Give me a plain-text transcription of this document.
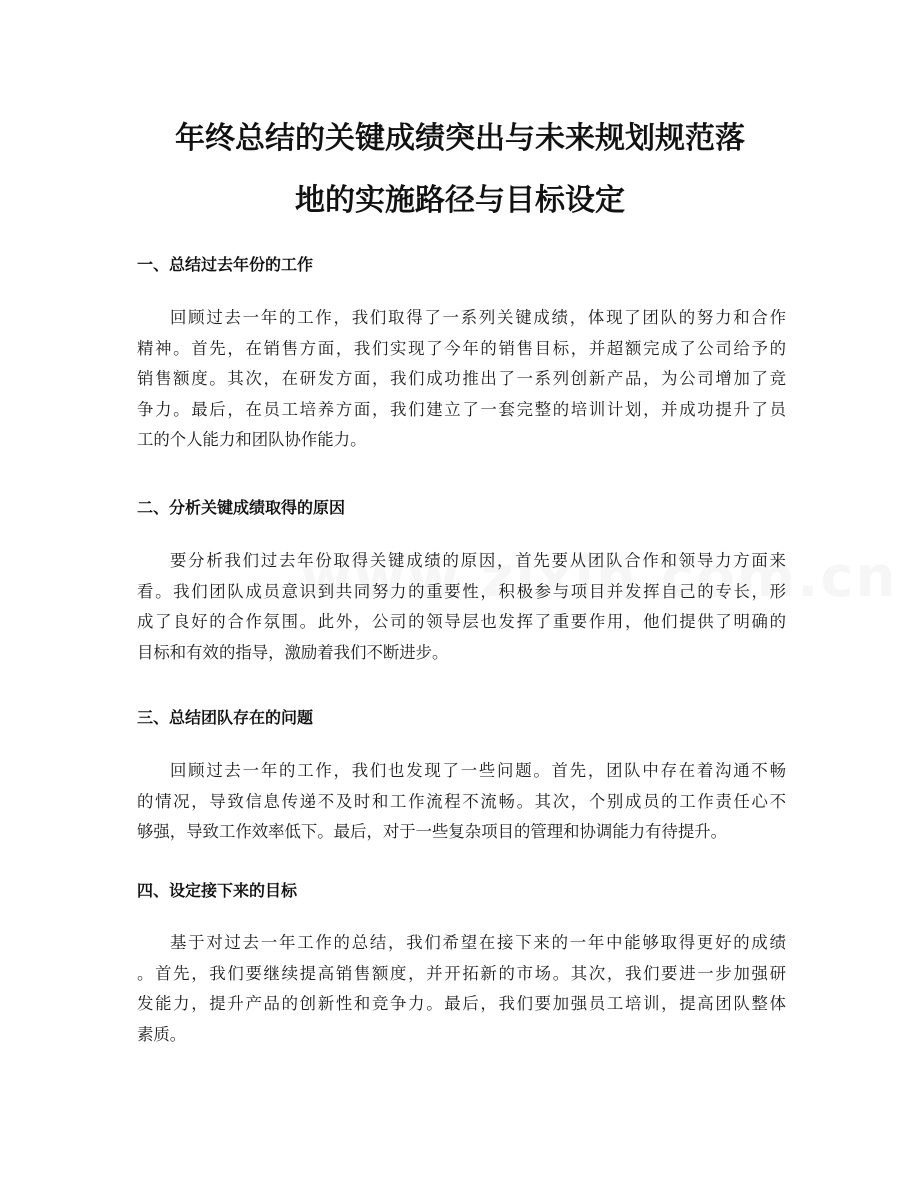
年终总结的关键成绩突出与未来规划规范落
地的实施路径与目标设定
一、总结过去年份的工作
回顾过去一年的工作，我们取得了一系列关键成绩，体现了团队的努力和合作
精神。首先，在销售方面，我们实现了今年的销售目标，并超额完成了公司给予的
销售额度。其次，在研发方面，我们成功推出了一系列创新产品，为公司增加了竞
争力。最后，在员工培养方面，我们建立了一套完整的培训计划，并成功提升了员
工的个人能力和团队协作能力。
二、分析关键成绩取得的原因
要分析我们过去年份取得关键成绩的原因，首先要从团队合作和领导力方面来
看。我们团队成员意识到共同努力的重要性，积极参与项目并发挥自己的专长，形
成了良好的合作氛围。此外，公司的领导层也发挥了重要作用，他们提供了明确的
目标和有效的指导，激励着我们不断进步。
三、总结团队存在的问题
回顾过去一年的工作，我们也发现了一些问题。首先，团队中存在着沟通不畅
的情况，导致信息传递不及时和工作流程不流畅。其次，个别成员的工作责任心不
够强，导致工作效率低下。最后，对于一些复杂项目的管理和协调能力有待提升。
四、设定接下来的目标
基于对过去一年工作的总结，我们希望在接下来的一年中能够取得更好的成绩
。首先，我们要继续提高销售额度，并开拓新的市场。其次，我们要进一步加强研
发能力，提升产品的创新性和竞争力。最后，我们要加强员工培训，提高团队整体
素质。
